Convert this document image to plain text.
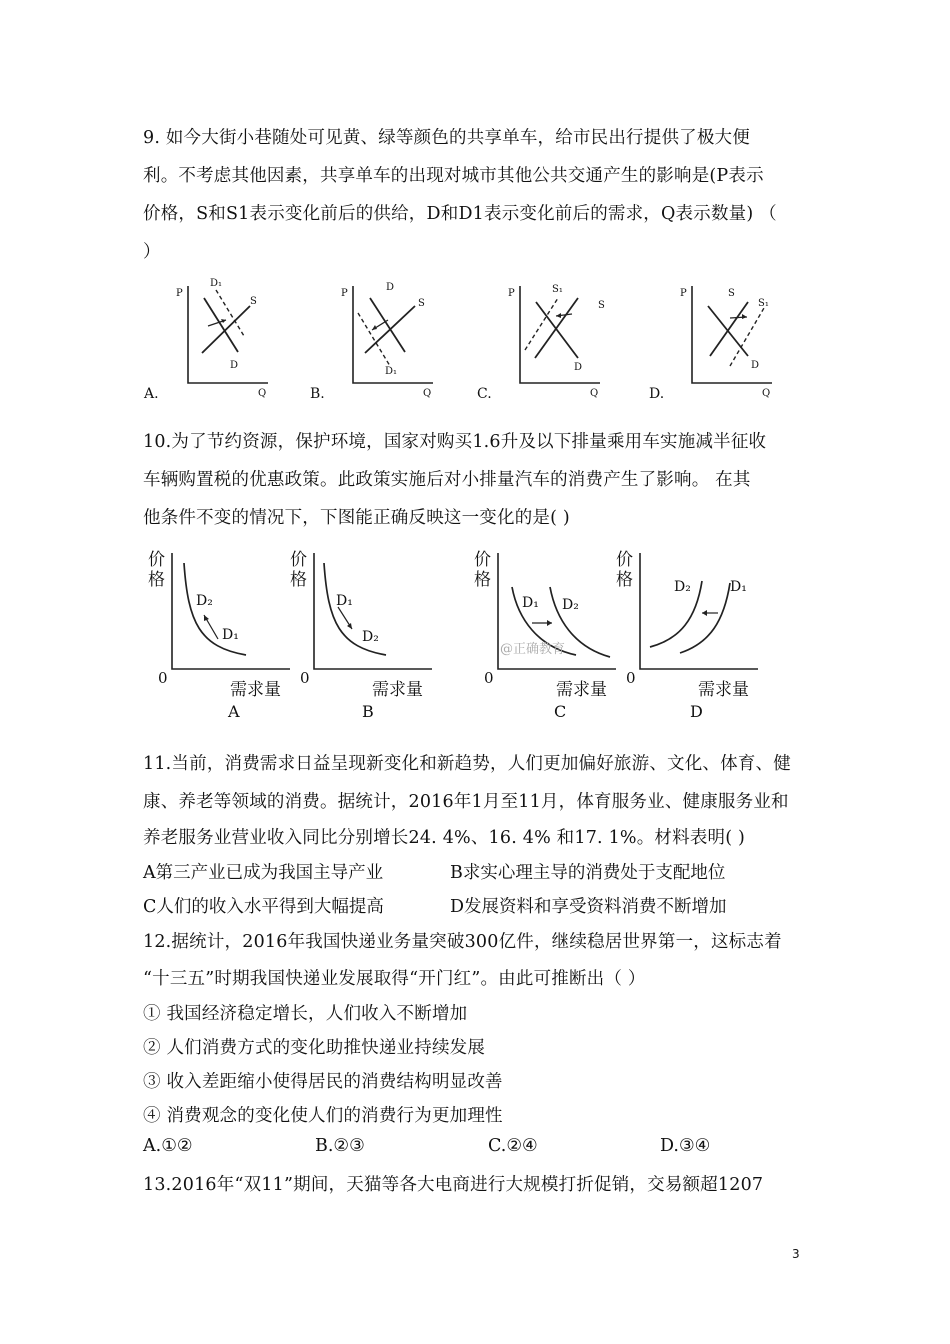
9. 如今大街小巷随处可见黄、绿等颜色的共享单车，给市民出行提供了极大便
利。不考虑其他因素，共享单车的出现对城市其他公共交通产生的影响是(P表示
价格，S和S1表示变化前后的供给，D和D1表示变化前后的需求，Q表示数量) （
）
P
Q
D₁
S
D
A.
P
Q
D
S
D₁
B.
P
Q
S₁
S
D
C.
P
Q
S
S₁
D
D.
10.为了节约资源，保护环境，国家对购买1.6升及以下排量乘用车实施减半征收
车辆购置税的优惠政策。此政策实施后对小排量汽车的消费产生了影响。 在其
他条件不变的情况下，下图能正确反映这一变化的是( )
价
格
0
需求量
D₂
D₁
A
价
格
0
需求量
D₁
D₂
B
价
格
0
需求量
D₁ D₂
@正确教育
C
价
格
0
需求量
D₂	D₁
D
11.当前，消费需求日益呈现新变化和新趋势，人们更加偏好旅游、文化、体育、健
康、养老等领域的消费。据统计，2016年1月至11月，体育服务业、健康服务业和
养老服务业营业收入同比分别增长24. 4%、16. 4% 和17. 1%。材料表明( )
A第三产业已成为我国主导产业	B求实心理主导的消费处于支配地位
C人们的收入水平得到大幅提高	D发展资料和享受资料消费不断增加
12.据统计，2016年我国快递业务量突破300亿件，继续稳居世界第一，这标志着
“十三五”时期我国快递业发展取得“开门红”。由此可推断出（ ）
① 我国经济稳定增长，人们收入不断增加
② 人们消费方式的变化助推快递业持续发展
③ 收入差距缩小使得居民的消费结构明显改善
④ 消费观念的变化使人们的消费行为更加理性
A.①②	B.②③	C.②④	D.③④
13.2016年“双11”期间，天猫等各大电商进行大规模打折促销，交易额超1207
3
